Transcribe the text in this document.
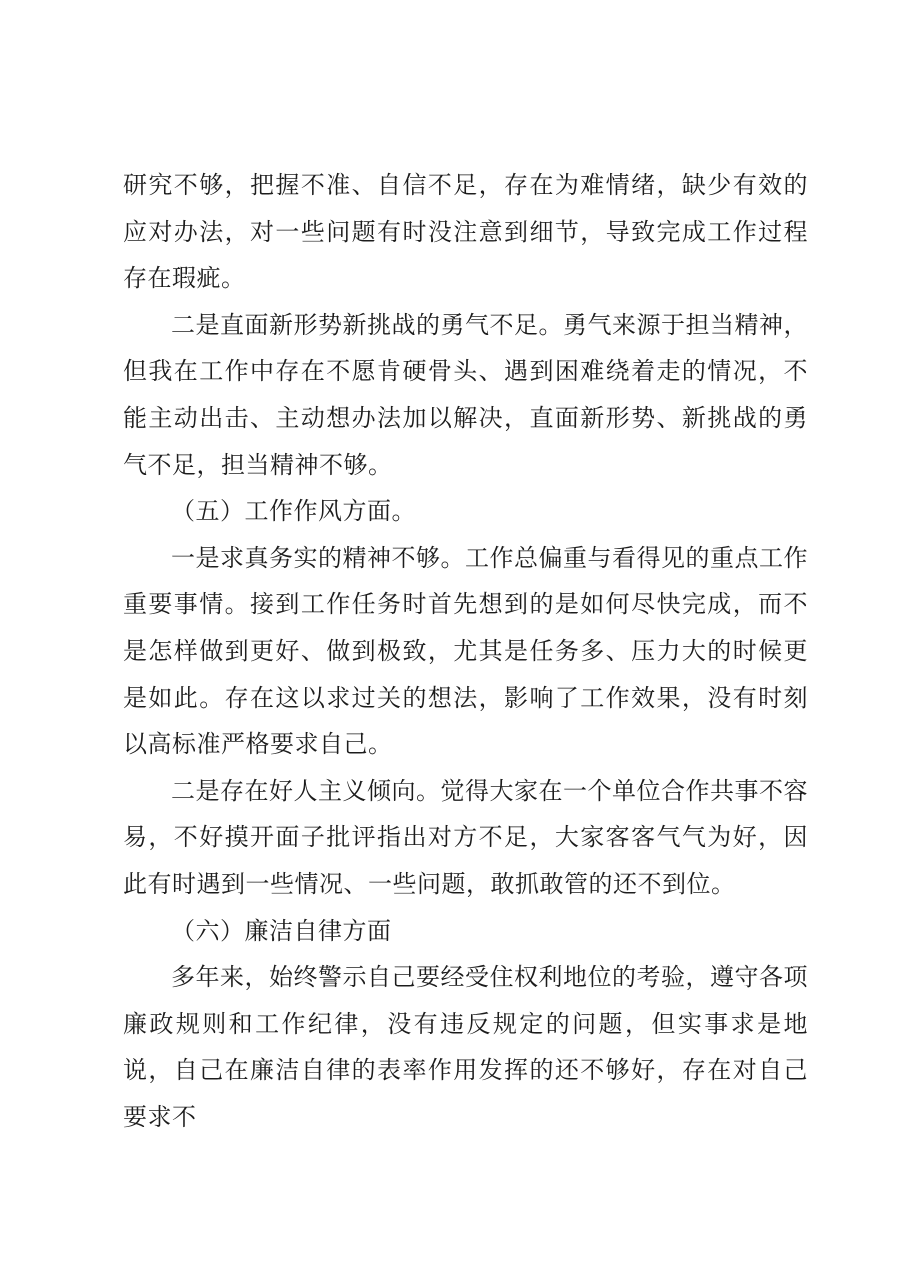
研究不够，把握不准、自信不足，存在为难情绪，缺少有效的应对办法，对一些问题有时没注意到细节，导致完成工作过程存在瑕疵。

二是直面新形势新挑战的勇气不足。勇气来源于担当精神，但我在工作中存在不愿肯硬骨头、遇到困难绕着走的情况，不能主动出击、主动想办法加以解决，直面新形势、新挑战的勇气不足，担当精神不够。

（五）工作作风方面。

一是求真务实的精神不够。工作总偏重与看得见的重点工作重要事情。接到工作任务时首先想到的是如何尽快完成，而不是怎样做到更好、做到极致，尤其是任务多、压力大的时候更是如此。存在这以求过关的想法，影响了工作效果，没有时刻以高标准严格要求自己。

二是存在好人主义倾向。觉得大家在一个单位合作共事不容易，不好摸开面子批评指出对方不足，大家客客气气为好，因此有时遇到一些情况、一些问题，敢抓敢管的还不到位。

（六）廉洁自律方面

多年来，始终警示自己要经受住权利地位的考验，遵守各项廉政规则和工作纪律，没有违反规定的问题，但实事求是地说，自己在廉洁自律的表率作用发挥的还不够好，存在对自己要求不
